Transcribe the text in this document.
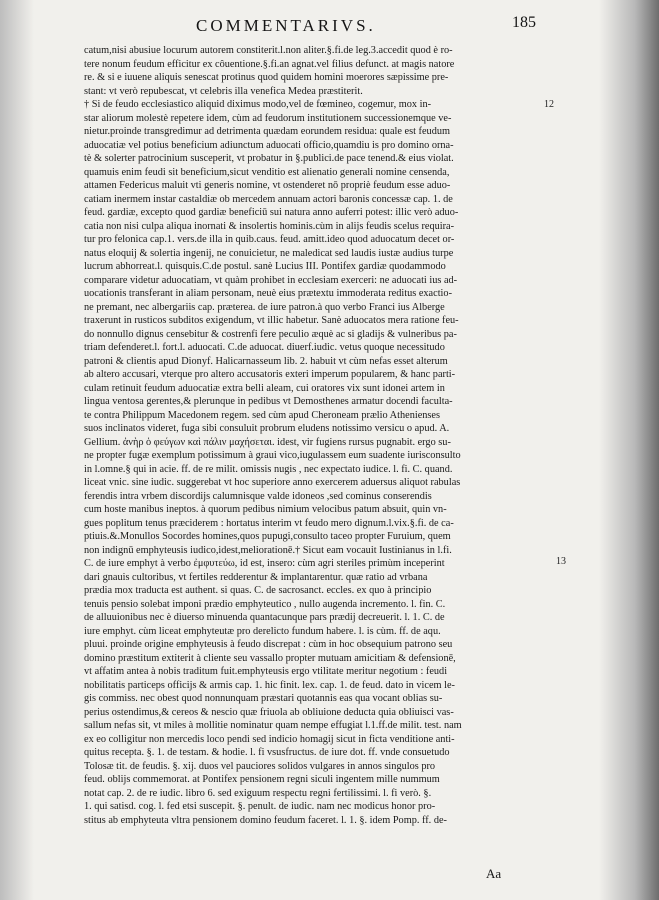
COMMENTARIVS.	185
catum,nisi abusiue locurum autorem constiterit.l.non aliter.§.fi.de leg.3.accedit quod è ro-
tere nonum feudum efficitur ex côuentione.§.fi.an agnat.vel filius defunct. at magis natore
re. & si e iuuene aliquis senescat protinus quod quidem homini moerores sæpissime pre-
stant: vt verò repubescat, vt celebris illa venefica Medea præstiterit.
† Si de feudo ecclesiastico aliquid diximus modo,vel de fœmineo, cogemur, mox in-
star aliorum molestè repetere idem, cùm ad feudorum institutionem successionemque ve-
nietur.proinde transgredimur ad detrimenta quædam eorundem residua: quale est feudum
aduocatiæ vel potius beneficium adiunctum aduocati officio,quamdiu is pro domino orna-
tè & solerter patrocinium susceperit, vt probatur in §.publici.de pace tenend.& eius violat.
quamuis enim feudi sit beneficium,sicut venditio est alienatio generali nomine censenda,
attamen Federicus maluit vti generis nomine, vt ostenderet nō propriè feudum esse aduo-
catiam inermem instar castaldiæ ob mercedem annuam actori baronis concessæ cap. 1. de
feud. gardiæ, excepto quod gardiæ beneficiū sui natura anno auferri potest: illic verò aduo-
catia non nisi culpa aliqua inornati & insolertis hominis.cùm in alijs feudis scelus requira-
tur pro felonica cap.1. vers.de illa in quib.caus. feud. amitt.ideo quod aduocatum decet or-
natus eloquij & solertia ingenij, ne conuicietur, ne maledicat sed laudis iustæ audius turpe
lucrum abhorreat.l. quisquis.C.de postul. sanè Lucius III. Pontifex gardiæ quodammodo
comparare videtur aduocatiam, vt quàm prohibet in ecclesiam exerceri: ne aduocati ius ad-
uocationis transferant in aliam personam, neuè eius prætextu immoderata reditus exactio-
ne premant, nec albergariis cap. præterea. de iure patron.à quo verbo Franci ius Alberge
traxerunt in rusticos subditos exigendum, vt illic habetur. Sanè aduocatos mera ratione feu-
do nonnullo dignus censebitur & costrenfi fere peculio æquè ac si gladijs & vulneribus pa-
triam defenderet.l. fort.l. aduocati. C.de aduocat. diuerf.iudic. vetus quoque necessitudo
patroni & clientis apud Dionyf. Halicarnasseum lib. 2. habuit vt cùm nefas esset alterum
ab altero accusari, vterque pro altero accusatoris exteri imperum popularem, & hanc parti-
culam retinuit feudum aduocatiæ extra belli aleam, cui oratores vix sunt idonei artem in
lingua ventosa gerentes,& plerunque in pedibus vt Demosthenes armatur docendi faculta-
te contra Philippum Macedonem regem. sed cùm apud Cheroneam prælio Athenienses
suos inclinatos videret, fuga sibi consuluit probrum eludens notissimo versicu o apud. A.
Gellium. ἀνὴρ ὁ φεύγων καὶ πάλιν μαχήσεται. idest, vir fugiens rursus pugnabit. ergo su-
ne propter fugæ exemplum potissimum à graui vico,iugulassem eum suadente iurisconsulto
in l.omne.§ qui in acie. ff. de re milit. omissis nugis , nec expectato iudice. l. fi. C. quand.
liceat vnic. sine iudic. suggerebat vt hoc superiore anno exercerem aduersus aliquot rabulas
ferendis intra vrbem discordijs calumnisque valde idoneos ,sed cominus conserendis
cum hoste manibus ineptos. à quorum pedibus nimium velocibus patum absuit, quin vn-
gues poplitum tenus præciderem : hortatus interim vt feudo mero dignum.l.vix.§.fi. de ca-
ptiuis.&.Monullos Socordes homines,quos pupugi,consulto taceo propter Furuium, quem
non indignū emphyteusis iudico,idest,meliorationē.† Sicut eam vocauit Iustinianus in l.fi.
C. de iure emphyt à verbo ἐμφυτεύω, id est, insero: cùm agri steriles primùm inceperint
dari gnauis cultoribus, vt fertiles redderentur & implantarentur. quæ ratio ad vrbana
prædia mox traducta est authent. si quas. C. de sacrosanct. eccles. ex quo à principio
tenuis pensio solebat imponi prædio emphyteutico , nullo augenda incremento. l. fin. C.
de alluuionibus nec è diuerso minuenda quantacunque pars prædij decreuerit. l. 1. C. de
iure emphyt. cùm liceat emphyteutæ pro derelicto fundum habere. l. is cùm. ff. de aqu.
pluui. proinde origine emphyteusis à feudo discrepat : cùm in hoc obsequium patrono seu
domino præstitum extiterit à cliente seu vassallo propter mutuam amicitiam & defensionē,
vt affatim antea à nobis traditum fuit.emphyteusis ergo vtilitate meritur negotium : feudi
nobilitatis particeps officijs & armis cap. 1. hic finit. lex. cap. 1. de feud. dato in vicem le-
gis commiss. nec obest quod nonnunquam præstari quotannis eas qua vocant oblias su-
perius ostendimus,& cereos & nescio quæ friuola ab obliuione deducta quia obliuisci vas-
sallum nefas sit, vt miles à mollitie nominatur quam nempe effugiat l.1.ff.de milit. test. nam
ex eo colligitur non mercedis loco pendi sed indicio homagij sicut in ficta venditione anti-
quitus recepta. §. 1. de testam. & hodie. l. fi vsusfructus. de iure dot. ff. vnde consuetudo
Tolosæ tit. de feudis. §. xij. duos vel pauciores solidos vulgares in annos singulos pro
feud. oblijs commemorat. at Pontifex pensionem regni siculi ingentem mille nummum
notat cap. 2. de re iudic. libro 6. sed exiguum respectu regni fertilissimi. l. fi verò. §.
1. qui satisd. cog. l. fed etsi suscepit. §. penult. de iudic. nam nec modicus honor pro-
stitus ab emphyteuta vltra pensionem domino feudum faceret. l. 1. §. idem Pomp. ff. de-
12
13
Aa
